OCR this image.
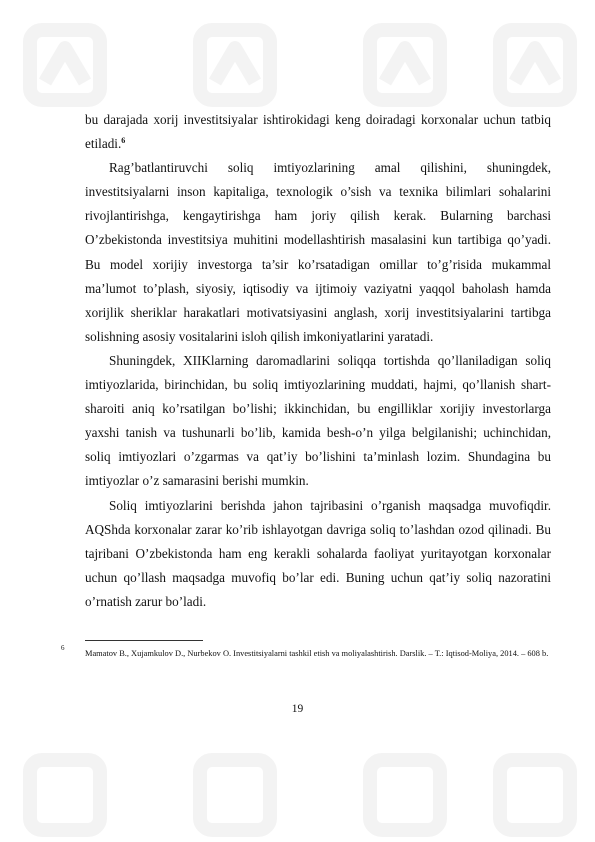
bu darajada xorij investitsiyalar ishtirokidagi keng doiradagi korxonalar uchun tatbiq etiladi.$^6$

Rag’batlantiruvchi soliq imtiyozlarining amal qilishini, shuningdek, investitsiyalarni inson kapitaliga, texnologik o’sish va texnika bilimlari sohalarini rivojlantirishga, kengaytirishga ham joriy qilish kerak. Bularning barchasi O’zbekistonda investitsiya muhitini modellashtirish masalasini kun tartibiga qo’yadi. Bu model xorijiy investorga ta’sir ko’rsatadigan omillar to’g’risida mukammal ma’lumot to’plash, siyosiy, iqtisodiy va ijtimoiy vaziyatni yaqqol baholash hamda xorijlik sheriklar harakatlari motivatsiyasini anglash, xorij investitsiyalarini tartibga solishning asosiy vositalarini isloh qilish imkoniyatlarini yaratadi.

Shuningdek, XIIKlarning daromadlarini soliqqa tortishda qo’llaniladigan soliq imtiyozlarida, birinchidan, bu soliq imtiyozlarining muddati, hajmi, qo’llanish shart-sharoiti aniq ko’rsatilgan bo’lishi; ikkinchidan, bu engilliklar xorijiy investorlarga yaxshi tanish va tushunarli bo’lib, kamida besh-o’n yilga belgilanishi; uchinchidan, soliq imtiyozlari o’zgarmas va qat’iy bo’lishini ta’minlash lozim. Shundagina bu imtiyozlar o’z samarasini berishi mumkin.

Soliq imtiyozlarini berishda jahon tajribasini o’rganish maqsadga muvofiqdir. AQShda korxonalar zarar ko’rib ishlayotgan davriga soliq to’lashdan ozod qilinadi. Bu tajribani O’zbekistonda ham eng kerakli sohalarda faoliyat yuritayotgan korxonalar uchun qo’llash maqsadga muvofiq bo’lar edi. Buning uchun qat’iy soliq nazoratini o’rnatish zarur bo’ladi.

6
Mamatov B., Xujamkulov D., Nurbekov O. Investitsiyalarni tashkil etish va moliyalashtirish. Darslik. – T.: Iqtisod-Moliya, 2014. – 608 b.
19
